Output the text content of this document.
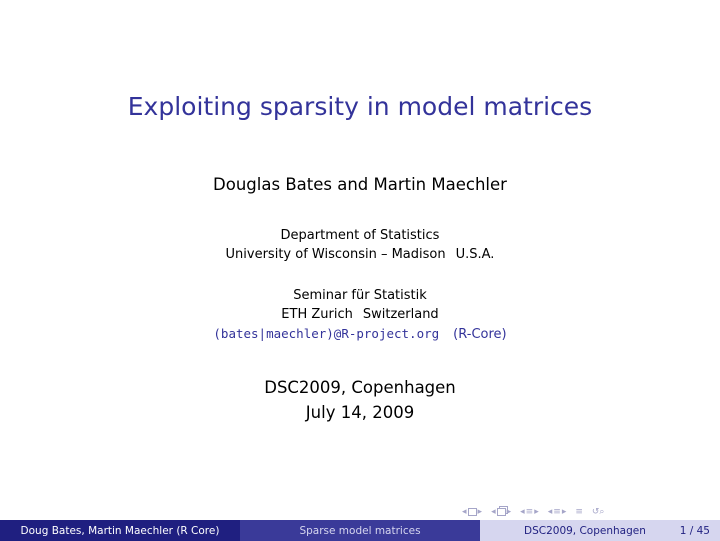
Exploiting sparsity in model matrices
Douglas Bates and Martin Maechler
Department of Statistics
University of Wisconsin – Madison U.S.A.
Seminar für Statistik
ETH Zurich Switzerland
(bates|maechler)@R-project.org (R-Core)
DSC2009, Copenhagen
July 14, 2009
◂ ▸ ◂ ▸ ◂ ≡ ▸ ◂ ≡ ▸ ≡ ↺⌕
Doug Bates, Martin Maechler (R Core)	Sparse model matrices	DSC2009, Copenhagen	1 / 45
